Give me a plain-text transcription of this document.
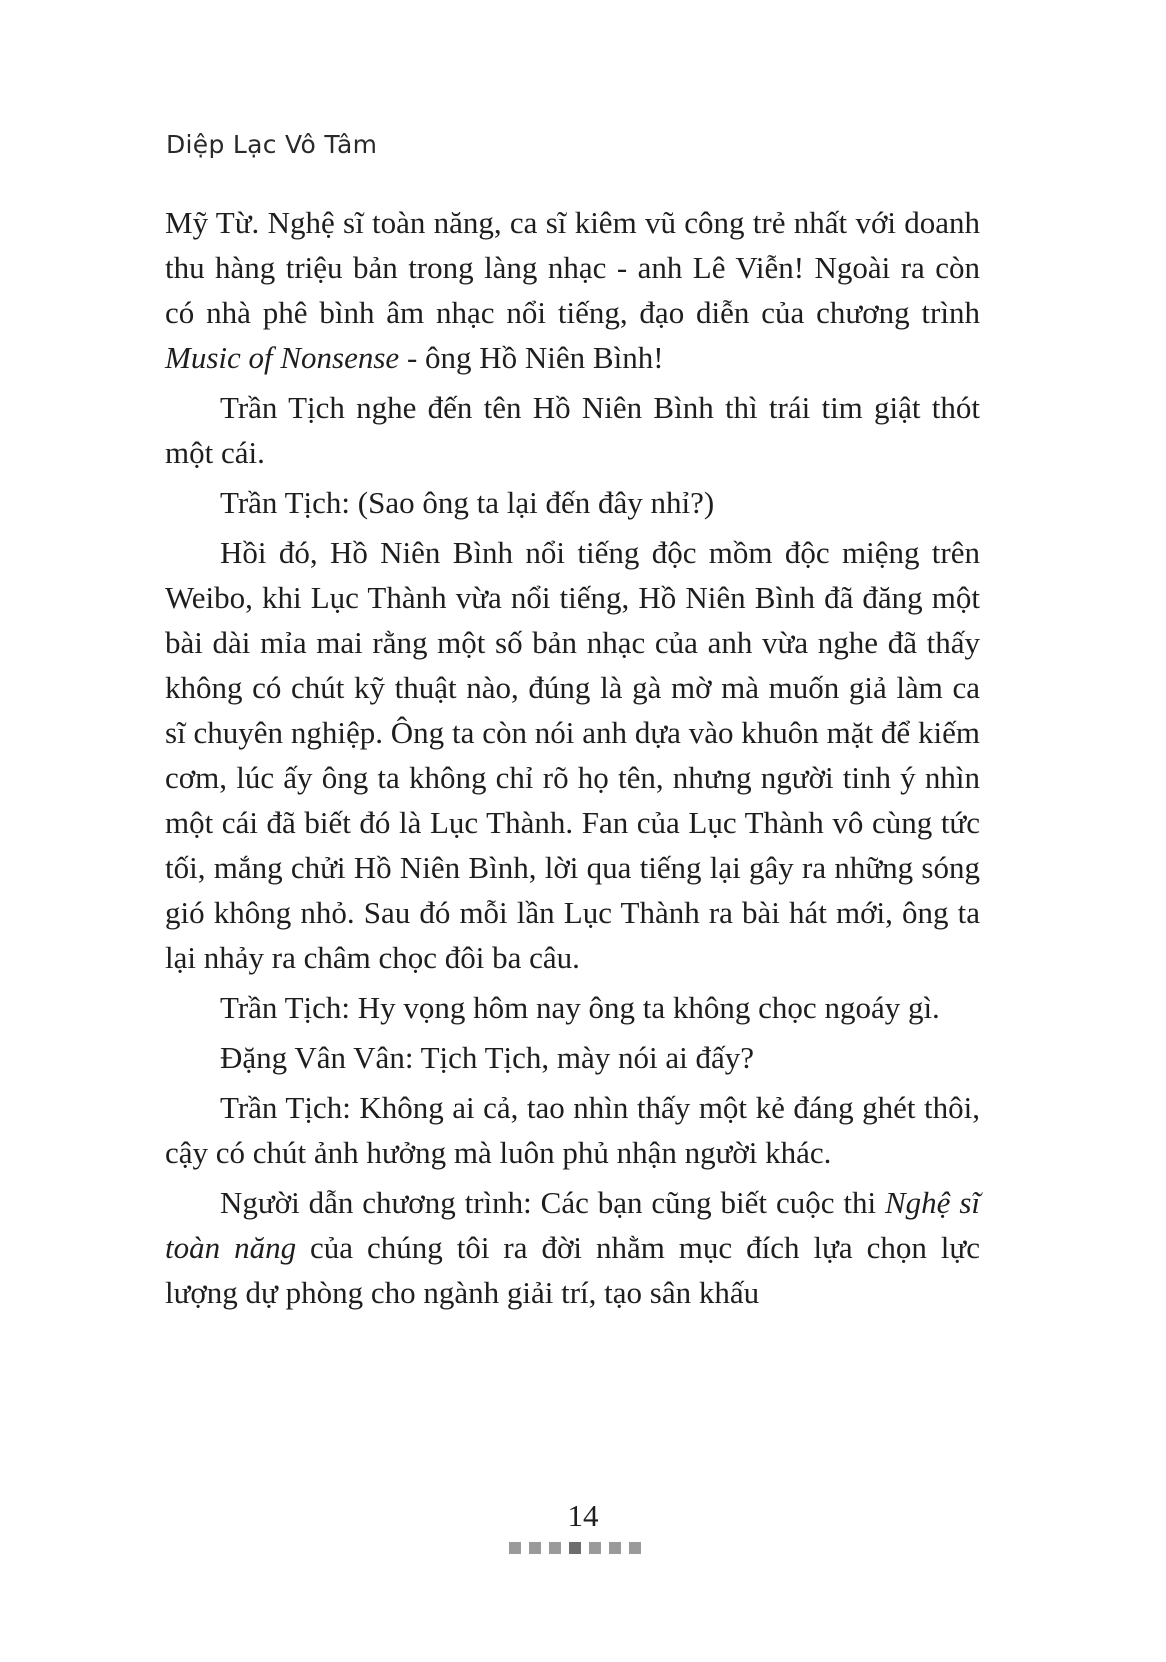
Diệp Lạc Vô Tâm

Mỹ Từ. Nghệ sĩ toàn năng, ca sĩ kiêm vũ công trẻ nhất với doanh thu hàng triệu bản trong làng nhạc - anh Lê Viễn! Ngoài ra còn có nhà phê bình âm nhạc nổi tiếng, đạo diễn của chương trình Music of Nonsense - ông Hồ Niên Bình!

Trần Tịch nghe đến tên Hồ Niên Bình thì trái tim giật thót một cái.

Trần Tịch: (Sao ông ta lại đến đây nhỉ?)

Hồi đó, Hồ Niên Bình nổi tiếng độc mồm độc miệng trên Weibo, khi Lục Thành vừa nổi tiếng, Hồ Niên Bình đã đăng một bài dài mỉa mai rằng một số bản nhạc của anh vừa nghe đã thấy không có chút kỹ thuật nào, đúng là gà mờ mà muốn giả làm ca sĩ chuyên nghiệp. Ông ta còn nói anh dựa vào khuôn mặt để kiếm cơm, lúc ấy ông ta không chỉ rõ họ tên, nhưng người tinh ý nhìn một cái đã biết đó là Lục Thành. Fan của Lục Thành vô cùng tức tối, mắng chửi Hồ Niên Bình, lời qua tiếng lại gây ra những sóng gió không nhỏ. Sau đó mỗi lần Lục Thành ra bài hát mới, ông ta lại nhảy ra châm chọc đôi ba câu.

Trần Tịch: Hy vọng hôm nay ông ta không chọc ngoáy gì.

Đặng Vân Vân: Tịch Tịch, mày nói ai đấy?

Trần Tịch: Không ai cả, tao nhìn thấy một kẻ đáng ghét thôi, cậy có chút ảnh hưởng mà luôn phủ nhận người khác.

Người dẫn chương trình: Các bạn cũng biết cuộc thi Nghệ sĩ toàn năng của chúng tôi ra đời nhằm mục đích lựa chọn lực lượng dự phòng cho ngành giải trí, tạo sân khấu

14
